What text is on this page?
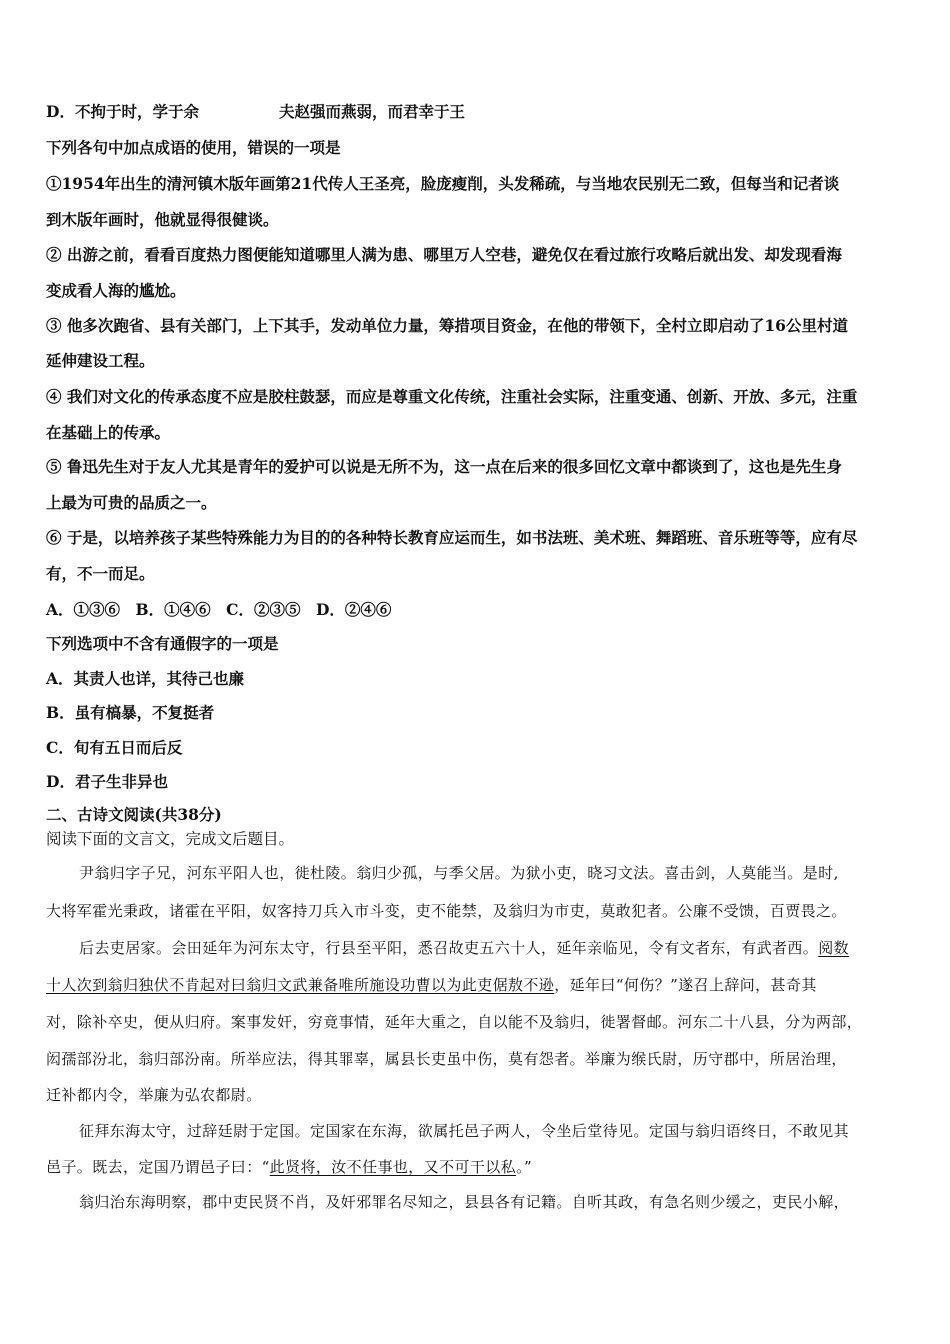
D．不拘于时，学于余	夫赵强而燕弱，而君幸于王
下列各句中加点成语的使用，错误的一项是
①1954年出生的清河镇木版年画第21代传人王圣亮，脸庞瘦削，头发稀疏，与当地农民别无二致，但每当和记者谈
到木版年画时，他就显得很健谈。
② 出游之前，看看百度热力图便能知道哪里人满为患、哪里万人空巷，避免仅在看过旅行攻略后就出发、却发现看海
变成看人海的尴尬。
③ 他多次跑省、县有关部门，上下其手，发动单位力量，筹措项目资金，在他的带领下，全村立即启动了16公里村道
延伸建设工程。
④ 我们对文化的传承态度不应是胶柱鼓瑟，而应是尊重文化传统，注重社会实际，注重变通、创新、开放、多元，注重
在基础上的传承。
⑤ 鲁迅先生对于友人尤其是青年的爱护可以说是无所不为，这一点在后来的很多回忆文章中都谈到了，这也是先生身
上最为可贵的品质之一。
⑥ 于是，以培养孩子某些特殊能力为目的的各种特长教育应运而生，如书法班、美术班、舞蹈班、音乐班等等，应有尽
有，不一而足。
A．①③⑥　B．①④⑥　C．②③⑤　D．②④⑥
下列选项中不含有通假字的一项是
A．其责人也详，其待己也廉
B．虽有槁暴，不复挺者
C．旬有五日而后反
D．君子生非异也
二、古诗文阅读(共38分)
阅读下面的文言文，完成文后题目。
尹翁归字子兄，河东平阳人也，徙杜陵。翁归少孤，与季父居。为狱小吏，晓习文法。喜击剑，人莫能当。是时,
大将军霍光秉政，诸霍在平阳，奴客持刀兵入市斗变，吏不能禁，及翁归为市吏，莫敢犯者。公廉不受馈，百贾畏之。
后去吏居家。会田延年为河东太守，行县至平阳，悉召故吏五六十人，延年亲临见，令有文者东，有武者西。阅数
十人次到翁归独伏不肯起对曰翁归文武兼备唯所施设功曹以为此吏倨敖不逊，延年曰“何伤？”遂召上辞问，甚奇其
对，除补卒史，便从归府。案事发奸，穷竟事情，延年大重之，自以能不及翁归，徙署督邮。河东二十八县，分为两部，
闳孺部汾北，翁归部汾南。所举应法，得其罪辜，属县长吏虽中伤，莫有怨者。举廉为缑氏尉，历守郡中，所居治理，
迁补都内令，举廉为弘农都尉。
征拜东海太守，过辞廷尉于定国。定国家在东海，欲属托邑子两人，令坐后堂待见。定国与翁归语终日，不敢见其
邑子。既去，定国乃谓邑子曰：“此贤将，汝不任事也，又不可干以私。”
翁归治东海明察，郡中吏民贤不肖，及奸邪罪名尽知之，县县各有记籍。自听其政，有急名则少缓之，吏民小解，
